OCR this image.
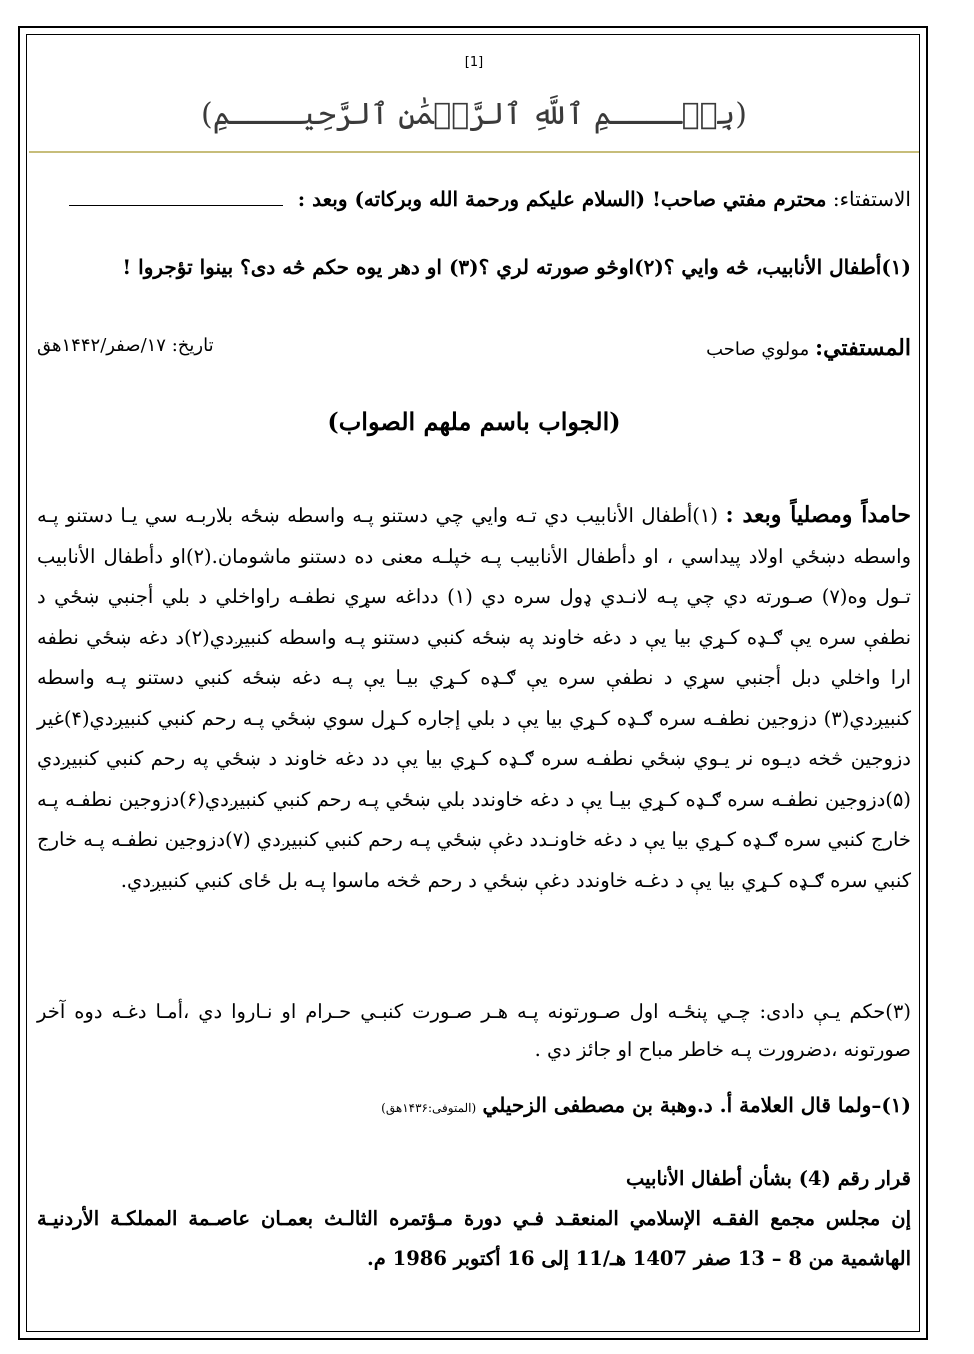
[1]
(بِسۡــــمِ ٱللَّهِ ٱلرَّحۡمَٰنِ ٱلرَّحِيــــمِ)
الاستفتاء: محترم مفتي صاحب! (السلام عليكم ورحمة الله وبركاته) وبعد :
(۱)أطفال الأنابيب، څه وايي ؟(۲)اوڅو صورته لري ؟(۳) او دهر يوه حکم څه دی؟ بينوا تؤجروا !
المستفتي: مولوي صاحب
تاريخ: ۱۷/صفر/۱۴۴۲هق
(الجواب باسم ملهم الصواب)
حامداً ومصلياً وبعد : (۱)أطفال الأنابيب دي تـه وايي چي دستنو پـه واسطه ښځه بلاربـه سي يـا دستنو پـه واسطه دښځي اولاد پيداسي ، او دأطفال الأنابيب پـه خپلـه معنى ده دستنو ماشومان.(۲)او دأطفال الأنابيب تـول وه(۷) صـورته دي چي پـه لانـدي ډول سره دي (۱) دداغه سړي نطفـه راواخلي د بلي أجنبي ښځي د نطفې سره يې ګـډه کـړي بيا يې د دغه خاوند په ښځه کنبي دستنو پـه واسطه کنبيږدي(۲)د دغه ښځي نطفه ارا واخلي دبل أجنبي سړي د نطفې سره يې ګـډه کـړي بيـا يې پـه دغه ښځه کنبي دستنو پـه واسطه کنبيږدي(۳) دزوجين نطفـه سره ګـډه کـړي بيا يې د بلي إجاره کـړل سوي ښځي پـه رحم کنبي کنبيږدي(۴)غير دزوجين څخه ديـوه نر يـوي ښځي نطفـه سره ګـډه کـړي بيا يې دد دغه خاوند د ښځي په رحم کنبي کنبيږدي (۵)دزوجين نطفـه سره ګـډه کـړي بيـا يې د دغه خاوندد بلي ښځي پـه رحم کنبي کنبيږدي(۶)دزوجين نطفـه پـه خارج کنبي سره ګـډه کـړي بيا يې د دغه خاونـدد دغې ښځي پـه رحم کنبي کنبيږدي (۷)دزوجين نطفـه پـه خارج کنبي سره ګـډه کـړي بيا يې د دغـه خاوندد دغې ښځي د رحم څخه ماسوا پـه بل ځای کنبي کنبيږدي.
(۳)حکم يـې دادی: چـي پنځـه اول صـورتونه پـه هـر صـورت کنبـي حـرام او نـاروا دي ،أمـا دغـه دوه آخر صورتونه ،دضرورت پـه خاطر مباح او جائز دي .
(۱)–ولما قال العلامة أ. د.وهبة بن مصطفى الزحيلي (المتوفى:۱۴۳۶هق)
قرار رقم (4) بشأن أطفال الأنابيب
إن مجلس مجمع الفقـه الإسلامي المنعقـد فـي دورة مـؤتمره الثالـث بعمـان عاصـمة المملكـة الأردنيـة
الهاشمية من 8 – 13 صفر 1407 هـ/11 إلى 16 أكتوبر 1986 م.
